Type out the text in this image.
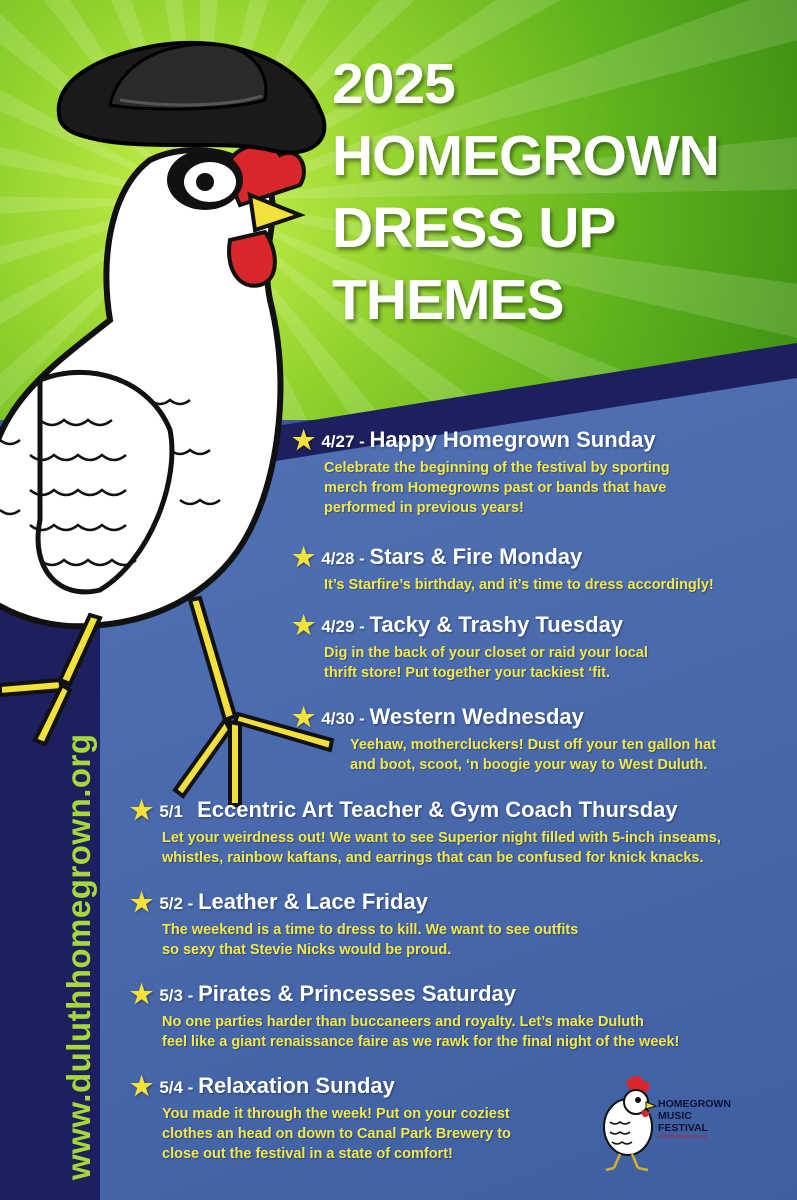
2025
HOMEGROWN
DRESS UP
THEMES
www.duluthhomegrown.org
★ 4/27 - Happy Homegrown Sunday
Celebrate the beginning of the festival by sporting
merch from Homegrowns past or bands that have
performed in previous years!
★ 4/28 - Stars & Fire Monday
It’s Starfire’s birthday, and it’s time to dress accordingly!
★ 4/29 - Tacky & Trashy Tuesday
Dig in the back of your closet or raid your local
thrift store! Put together your tackiest ‘fit.
★ 4/30 - Western Wednesday
Yeehaw, mothercluckers! Dust off your ten gallon hat
and boot, scoot, ‘n boogie your way to West Duluth.
★ 5/1 Eccentric Art Teacher & Gym Coach Thursday
Let your weirdness out! We want to see Superior night filled with 5-inch inseams,
whistles, rainbow kaftans, and earrings that can be confused for knick knacks.
★ 5/2 - Leather & Lace Friday
The weekend is a time to dress to kill. We want to see outfits
so sexy that Stevie Nicks would be proud.
★ 5/3 - Pirates & Princesses Saturday
No one parties harder than buccaneers and royalty. Let’s make Duluth
feel like a giant renaissance faire as we rawk for the final night of the week!
★ 5/4 - Relaxation Sunday
You made it through the week! Put on your coziest
clothes an head on down to Canal Park Brewery to
close out the festival in a state of comfort!
HOMEGROWN
MUSIC
FESTIVAL
duluthhomegrown.org
